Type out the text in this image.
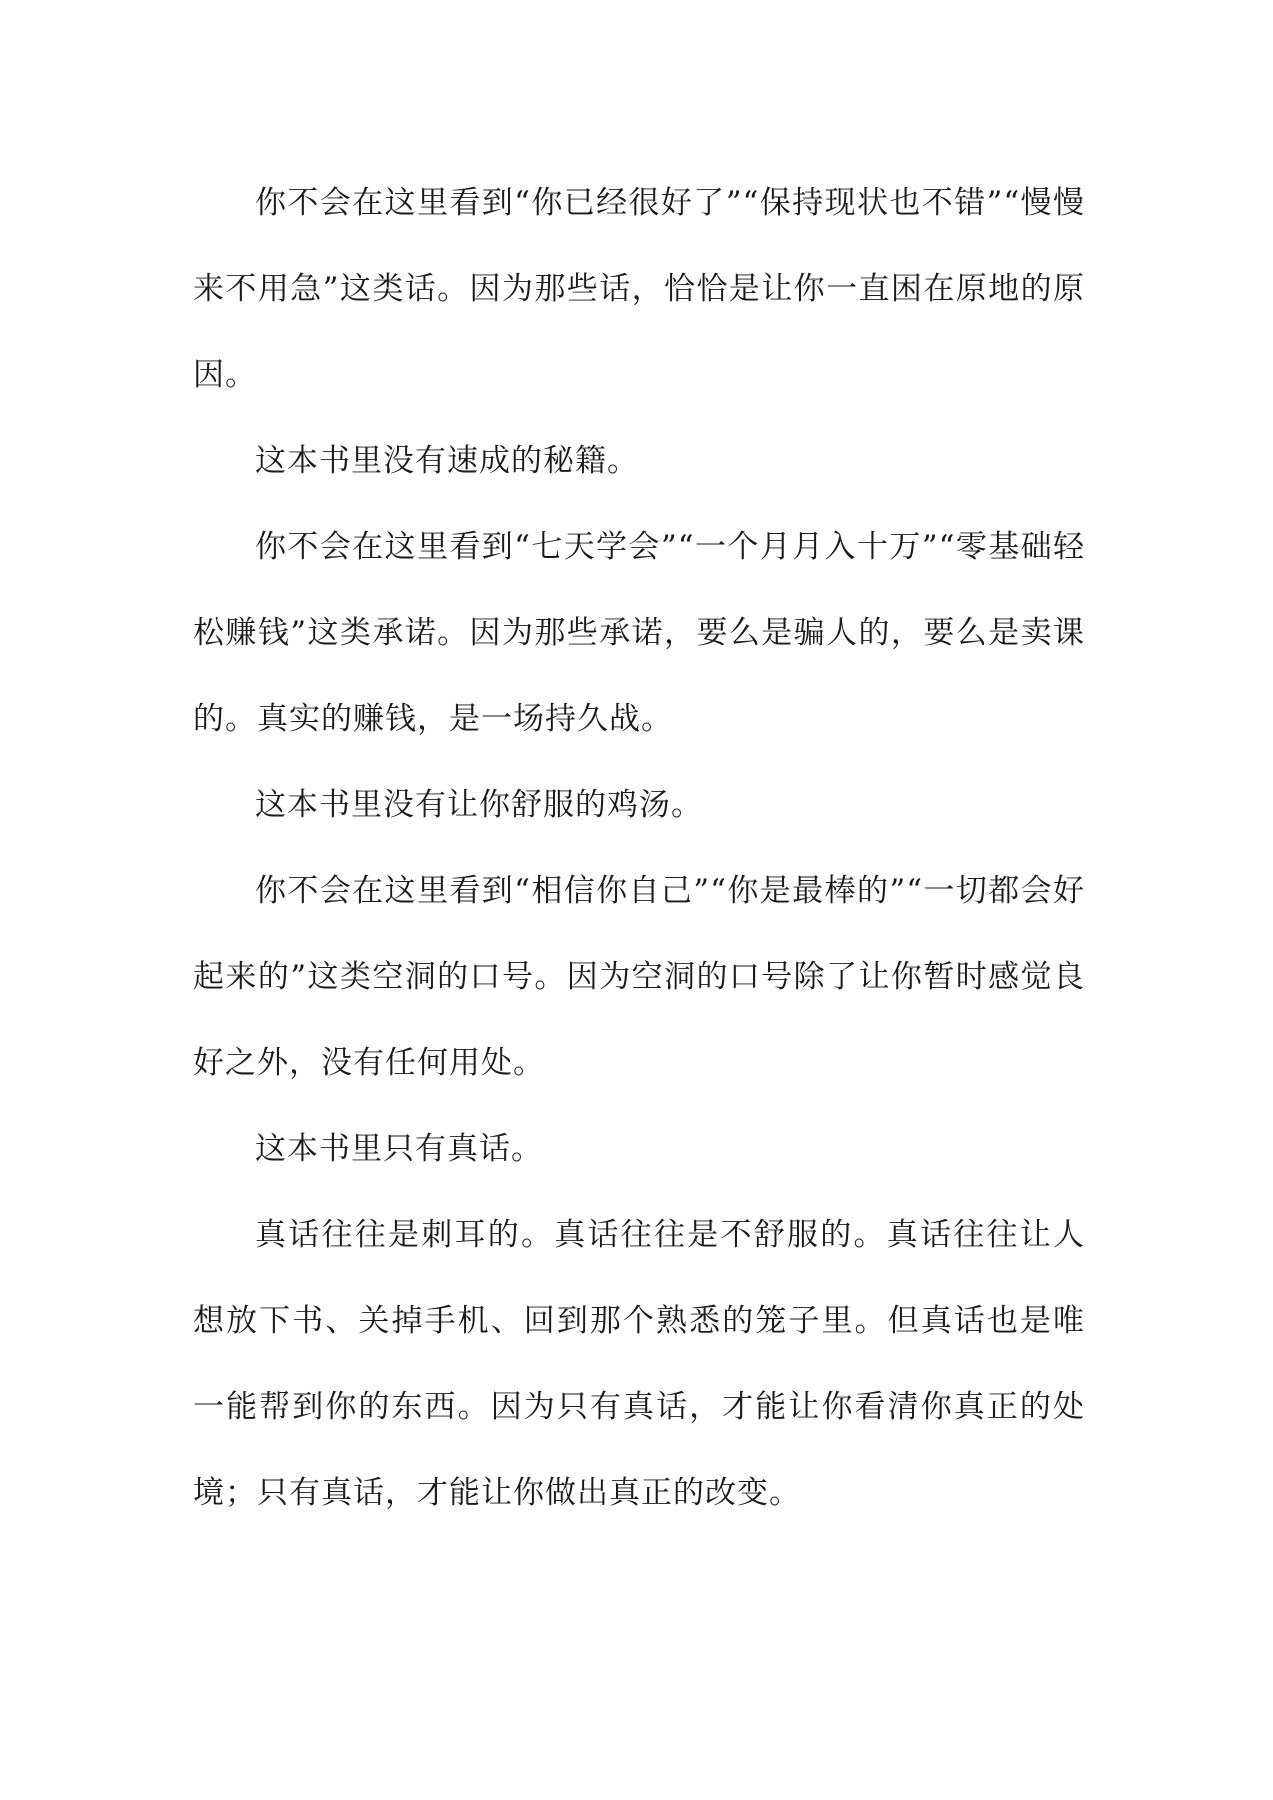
你不会在这里看到“你已经很好了”“保持现状也不错”“慢慢来不用急”这类话。因为那些话，恰恰是让你一直困在原地的原因。

这本书里没有速成的秘籍。

你不会在这里看到“七天学会”“一个月月入十万”“零基础轻松赚钱”这类承诺。因为那些承诺，要么是骗人的，要么是卖课的。真实的赚钱，是一场持久战。

这本书里没有让你舒服的鸡汤。

你不会在这里看到“相信你自己”“你是最棒的”“一切都会好起来的”这类空洞的口号。因为空洞的口号除了让你暂时感觉良好之外，没有任何用处。

这本书里只有真话。

真话往往是刺耳的。真话往往是不舒服的。真话往往让人想放下书、关掉手机、回到那个熟悉的笼子里。但真话也是唯一能帮到你的东西。因为只有真话，才能让你看清你真正的处境；只有真话，才能让你做出真正的改变。
